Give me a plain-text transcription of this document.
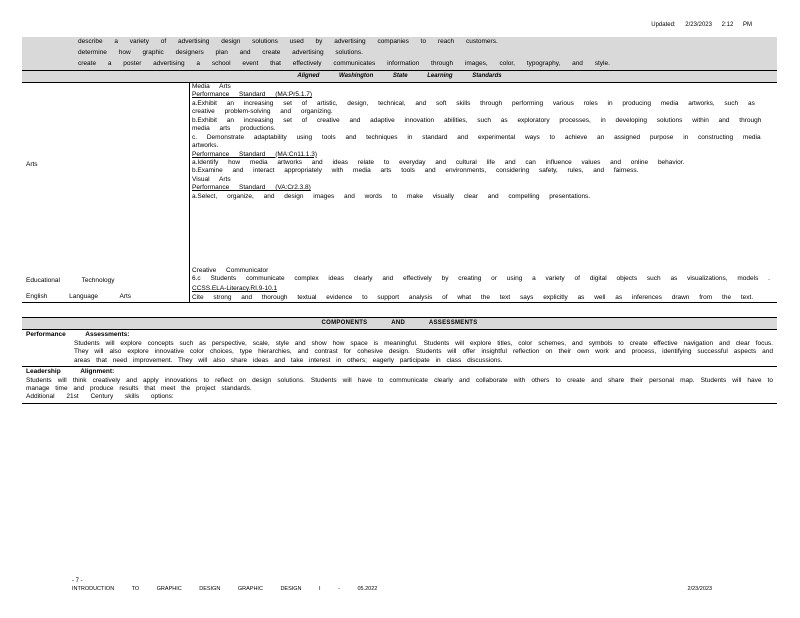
Updated: 2/23/2023 2:12 PM
describe a variety of advertising design solutions used by advertising companies to reach customers.
determine how graphic designers plan and create advertising solutions.
create a poster advertising a school event that effectively communicates information through images, color, typography, and style.
Aligned Washington State Learning Standards
Arts
Media Arts
Performance Standard (MA:Pr5.1.7)
a.Exhibit an increasing set of artistic, design, technical, and soft skills through performing various roles in producing media artworks, such as creative problem-solving and organizing.
b.Exhibit an increasing set of creative and adaptive innovation abilities, such as exploratory processes, in developing solutions within and through media arts productions.
c. Demonstrate adaptability using tools and techniques in standard and experimental ways to achieve an assigned purpose in constructing media artworks.
Performance Standard (MA:Cn11.1.3)
a.Identify how media artworks and ideas relate to everyday and cultural life and can influence values and online behavior.
b.Examine and interact appropriately with media arts tools and environments, considering safety, rules, and fairness.
Visual Arts
Performance Standard (VA:Cr2.3.8)
a.Select, organize, and design images and words to make visually clear and compelling presentations.
Educational Technology
Creative Communicator
6.c Students communicate complex ideas clearly and effectively by creating or using a variety of digital objects such as visualizations, models .
English Language Arts
CCSS.ELA-Literacy.RI.9-10.1
Cite strong and thorough textual evidence to support analysis of what the text says explicitly as well as inferences drawn from the text.
COMPONENTS AND ASSESSMENTS
Performance Assessments:
Students will explore concepts such as perspective, scale, style and show how space is meaningful. Students will explore titles, color schemes, and symbols to create effective navigation and clear focus. They will also explore innovative color choices, type hierarchies, and contrast for cohesive design. Students will offer insightful reflection on their own work and process, identifying successful aspects and areas that need improvement. They will also share ideas and take interest in others; eagerly participate in class discussions.
Leadership Alignment:
Students will think creatively and apply innovations to reflect on design solutions. Students will have to communicate clearly and collaborate with others to create and share their personal map. Students will have to manage time and produce results that meet the project standards.
Additional 21st Century skills options:
- 7 -
INTRODUCTION TO GRAPHIC DESIGN GRAPHIC DESIGN I - 05.2022	2/23/2023
